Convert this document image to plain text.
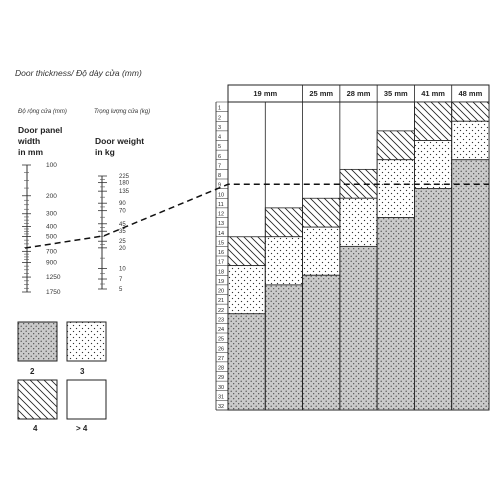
Door thickness/ Độ dày cửa (mm)

Độ rộng cửa (mm)

Door panel
width
in mm

Trọng lượng cửa (kg)

Door weight
in kg
100
200
300
400
500
700
900
1250
1750
225
180
135
90
70
45
35
25
20
10
7
5
19 mm	25 mm 28 mm 35 mm 41 mm 48 mm
1
2
3
4
5
6
7
8
9
10
11
12
13
14
15
16
17
18
19
20
21
22
23
24
25
26
27
28
29
30
31
32
2	3
4	> 4
